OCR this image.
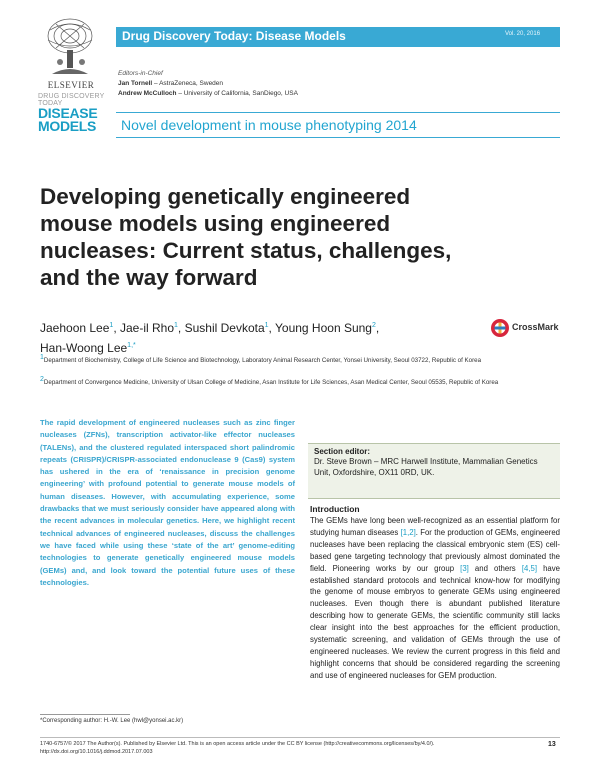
ELSEVIER
DRUG DISCOVERY TODAY
DISEASE
MODELS
Drug Discovery Today: Disease Models	Vol. 20, 2016
Editors-in-Chief
Jan Tornell – AstraZeneca, Sweden
Andrew McCulloch – University of California, SanDiego, USA
Novel development in mouse phenotyping 2014
Developing genetically engineered
mouse models using engineered
nucleases: Current status, challenges,
and the way forward
Jaehoon Lee$^1$, Jae-il Rho$^1$, Sushil Devkota$^1$, Young Hoon Sung$^2$,
Han-Woong Lee$^{1,*}$
CrossMark
$^1$Department of Biochemistry, College of Life Science and Biotechnology, Laboratory Animal Research Center, Yonsei University, Seoul 03722, Republic of Korea
$^2$Department of Convergence Medicine, University of Ulsan College of Medicine, Asan Institute for Life Sciences, Asan Medical Center, Seoul 05535, Republic of Korea
The rapid development of engineered nucleases such as zinc finger nucleases (ZFNs), transcription activator-like effector nucleases (TALENs), and the clustered regulated interspaced short palindromic repeats (CRISPR)/CRISPR-associated endonuclease 9 (Cas9) system has ushered in the era of ‘renaissance in precision genome engineering’ with profound potential to generate mouse models of human diseases. However, with accumulating experience, some drawbacks that we must seriously consider have appeared along with the recent advances in molecular genetics. Here, we highlight recent technical advances of engineered nucleases, discuss the challenges we have faced while using these ‘state of the art’ genome-editing technologies to generate genetically engineered mouse models (GEMs) and, and look toward the potential future uses of these technologies.
Section editor:
Dr. Steve Brown – MRC Harwell Institute, Mammalian Genetics Unit, Oxfordshire, OX11 0RD, UK.
Introduction
The GEMs have long been well-recognized as an essential platform for studying human diseases [1,2]. For the production of GEMs, engineered nucleases have been replacing the classical embryonic stem (ES) cell-based gene targeting technology that previously almost dominated the field. Pioneering works by our group [3] and others [4,5] have established standard protocols and technical know-how for modifying the genome of mouse embryos to generate GEMs using engineered nucleases. Even though there is abundant published literature describing how to generate GEMs, the scientific community still lacks clear insight into the best approaches for the efficient production, systematic screening, and validation of GEMs through the use of engineered nucleases. We review the current progress in this field and highlight concerns that should be considered regarding the screening and use of engineered nucleases for GEM production.
*Corresponding author: H.-W. Lee (hwl@yonsei.ac.kr)
1740-6757/© 2017 The Author(s). Published by Elsevier Ltd. This is an open access article under the CC BY license (http://creativecommons.org/licenses/by/4.0/).
http://dx.doi.org/10.1016/j.ddmod.2017.07.003
13
